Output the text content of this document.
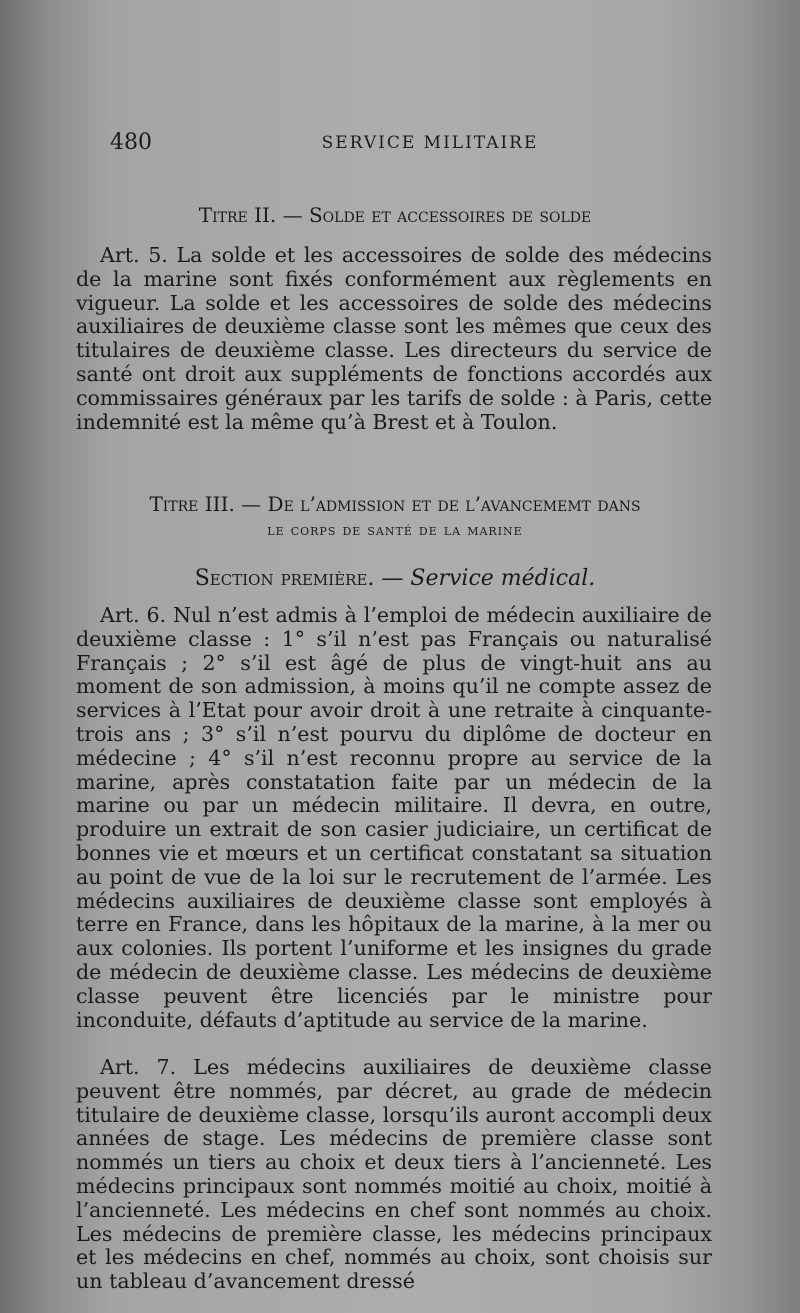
480	SERVICE MILITAIRE
Titre II. — Solde et accessoires de solde

Art. 5. La solde et les accessoires de solde des médecins de la marine sont fixés conformément aux règlements en vigueur. La solde et les accessoires de solde des médecins auxiliaires de deuxième classe sont les mêmes que ceux des titulaires de deuxième classe. Les directeurs du service de santé ont droit aux suppléments de fonctions accordés aux commissaires généraux par les tarifs de solde : à Paris, cette indemnité est la même qu’à Brest et à Toulon.

Titre III. — De l’admission et de l’avancememt dans
le corps de santé de la marine
Section première. — Service médical.

Art. 6. Nul n’est admis à l’emploi de médecin auxiliaire de deuxième classe : 1° s’il n’est pas Français ou naturalisé Français ; 2° s’il est âgé de plus de vingt-huit ans au moment de son admission, à moins qu’il ne compte assez de services à l’Etat pour avoir droit à une retraite à cinquante-trois ans ; 3° s’il n’est pourvu du diplôme de docteur en médecine ; 4° s’il n’est reconnu propre au service de la marine, après constatation faite par un médecin de la marine ou par un médecin militaire. Il devra, en outre, produire un extrait de son casier judiciaire, un certificat de bonnes vie et mœurs et un certificat constatant sa situation au point de vue de la loi sur le recrutement de l’armée. Les médecins auxiliaires de deuxième classe sont employés à terre en France, dans les hôpitaux de la marine, à la mer ou aux colonies. Ils portent l’uniforme et les insignes du grade de médecin de deuxième classe. Les médecins de deuxième classe peuvent être licenciés par le ministre pour inconduite, défauts d’aptitude au service de la marine.

Art. 7. Les médecins auxiliaires de deuxième classe peuvent être nommés, par décret, au grade de médecin titulaire de deuxième classe, lorsqu’ils auront accompli deux années de stage. Les médecins de première classe sont nommés un tiers au choix et deux tiers à l’ancienneté. Les médecins principaux sont nommés moitié au choix, moitié à l’ancienneté. Les médecins en chef sont nommés au choix. Les médecins de première classe, les médecins principaux et les médecins en chef, nommés au choix, sont choisis sur un tableau d’avancement dressé
